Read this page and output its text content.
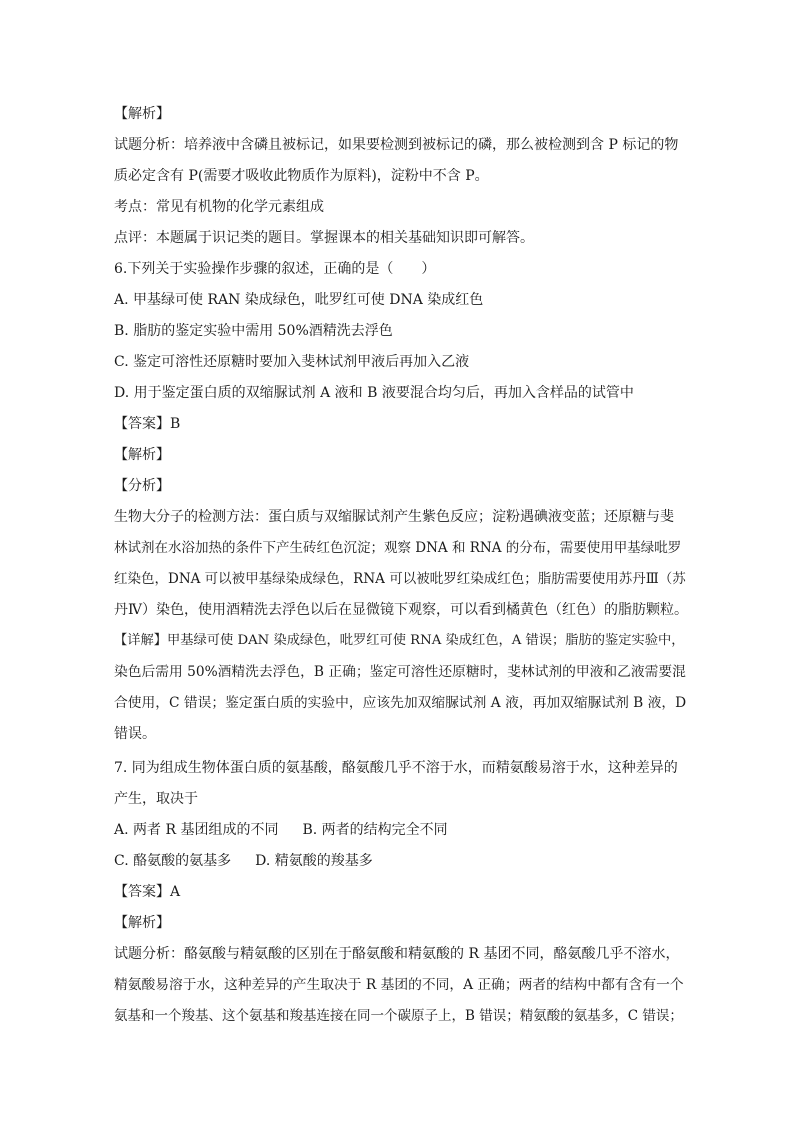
【解析】
试题分析：培养液中含磷且被标记，如果要检测到被标记的磷，那么被检测到含 P 标记的物
质必定含有 P(需要才吸收此物质作为原料)，淀粉中不含 P。
考点：常见有机物的化学元素组成
点评：本题属于识记类的题目。掌握课本的相关基础知识即可解答。
6.下列关于实验操作步骤的叙述，正确的是（　　）
A. 甲基绿可使 RAN 染成绿色，吡罗红可使 DNA 染成红色
B. 脂肪的鉴定实验中需用 50%酒精洗去浮色
C. 鉴定可溶性还原糖时要加入斐林试剂甲液后再加入乙液
D. 用于鉴定蛋白质的双缩脲试剂 A 液和 B 液要混合均匀后，再加入含样品的试管中
【答案】B
【解析】
【分析】
生物大分子的检测方法：蛋白质与双缩脲试剂产生紫色反应；淀粉遇碘液变蓝；还原糖与斐
林试剂在水浴加热的条件下产生砖红色沉淀；观察 DNA 和 RNA 的分布，需要使用甲基绿吡罗
红染色，DNA 可以被甲基绿染成绿色，RNA 可以被吡罗红染成红色；脂肪需要使用苏丹Ⅲ（苏
丹Ⅳ）染色，使用酒精洗去浮色以后在显微镜下观察，可以看到橘黄色（红色）的脂肪颗粒。
【详解】甲基绿可使 DAN 染成绿色，吡罗红可使 RNA 染成红色，A 错误；脂肪的鉴定实验中，
染色后需用 50%酒精洗去浮色，B 正确；鉴定可溶性还原糖时，斐林试剂的甲液和乙液需要混
合使用，C 错误；鉴定蛋白质的实验中，应该先加双缩脲试剂 A 液，再加双缩脲试剂 B 液，D
错误。
7. 同为组成生物体蛋白质的氨基酸，酪氨酸几乎不溶于水，而精氨酸易溶于水，这种差异的
产生，取决于
A. 两者 R 基团组成的不同 B. 两者的结构完全不同
C. 酪氨酸的氨基多 D. 精氨酸的羧基多
【答案】A
【解析】
试题分析：酪氨酸与精氨酸的区别在于酪氨酸和精氨酸的 R 基团不同，酪氨酸几乎不溶水，
精氨酸易溶于水，这种差异的产生取决于 R 基团的不同，A 正确；两者的结构中都有含有一个
氨基和一个羧基、这个氨基和羧基连接在同一个碳原子上，B 错误；精氨酸的氨基多，C 错误；
